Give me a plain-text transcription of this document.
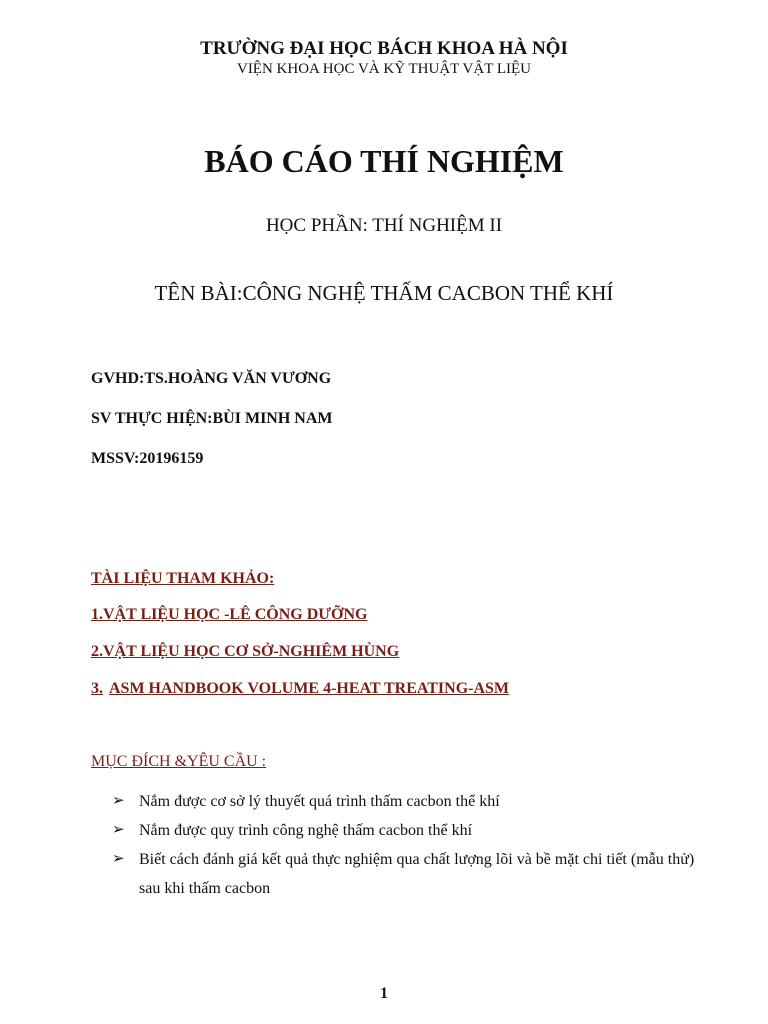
TRƯỜNG ĐẠI HỌC BÁCH KHOA HÀ NỘI
VIỆN KHOA HỌC VÀ KỸ THUẬT VẬT LIỆU
BÁO CÁO THÍ NGHIỆM
HỌC PHẦN: THÍ NGHIỆM II
TÊN BÀI:CÔNG NGHỆ THẤM CACBON THỂ KHÍ
GVHD:TS.HOÀNG VĂN VƯƠNG
SV THỰC HIỆN:BÙI MINH NAM
MSSV:20196159
TÀI LIỆU THAM KHẢO:
1.VẬT LIỆU HỌC -LÊ CÔNG DƯỠNG
2.VẬT LIỆU HỌC CƠ SỞ-NGHIÊM HÙNG
3. ASM HANDBOOK VOLUME 4-HEAT TREATING-ASM
MỤC ĐÍCH &YÊU CẦU :
➢ Nắm được cơ sở lý thuyết quá trình thấm cacbon thể khí
➢ Nắm được quy trình công nghệ thấm cacbon thể khí
➢ Biết cách đánh giá kết quả thực nghiệm qua chất lượng lõi và bề mặt chi tiết (mẫu thử) sau khi thấm cacbon
1
